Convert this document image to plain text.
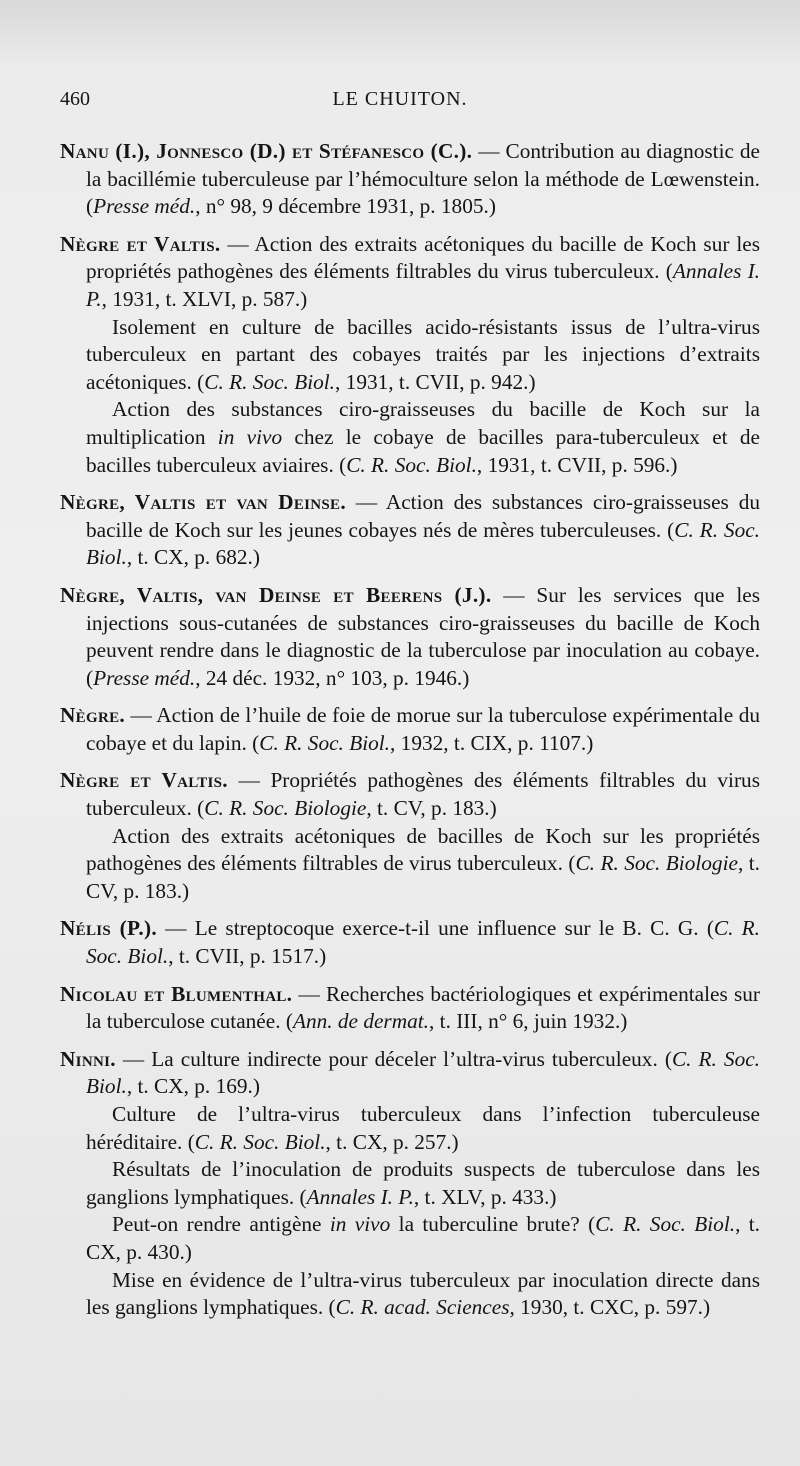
460	LE CHUITON.

Nanu (I.), Jonnesco (D.) et Stéfanesco (C.). — Contribution au diagnostic de la bacillémie tuberculeuse par l’hémoculture selon la méthode de Lœwenstein. (Presse méd., n° 98, 9 décembre 1931, p. 1805.)

Nègre et Valtis. — Action des extraits acétoniques du bacille de Koch sur les propriétés pathogènes des éléments filtrables du virus tuberculeux. (Annales I. P., 1931, t. XLVI, p. 587.)

Isolement en culture de bacilles acido-résistants issus de l’ultra-virus tuberculeux en partant des cobayes traités par les injections d’extraits acétoniques. (C. R. Soc. Biol., 1931, t. CVII, p. 942.)

Action des substances ciro-graisseuses du bacille de Koch sur la multiplication in vivo chez le cobaye de bacilles para-tuberculeux et de bacilles tuberculeux aviaires. (C. R. Soc. Biol., 1931, t. CVII, p. 596.)

Nègre, Valtis et van Deinse. — Action des substances ciro-graisseuses du bacille de Koch sur les jeunes cobayes nés de mères tuberculeuses. (C. R. Soc. Biol., t. CX, p. 682.)

Nègre, Valtis, van Deinse et Beerens (J.). — Sur les services que les injections sous-cutanées de substances ciro-graisseuses du bacille de Koch peuvent rendre dans le diagnostic de la tuberculose par inoculation au cobaye. (Presse méd., 24 déc. 1932, n° 103, p. 1946.)

Nègre. — Action de l’huile de foie de morue sur la tuberculose expérimentale du cobaye et du lapin. (C. R. Soc. Biol., 1932, t. CIX, p. 1107.)

Nègre et Valtis. — Propriétés pathogènes des éléments filtrables du virus tuberculeux. (C. R. Soc. Biologie, t. CV, p. 183.)

Action des extraits acétoniques de bacilles de Koch sur les propriétés pathogènes des éléments filtrables de virus tuberculeux. (C. R. Soc. Biologie, t. CV, p. 183.)

Nélis (P.). — Le streptocoque exerce-t-il une influence sur le B. C. G. (C. R. Soc. Biol., t. CVII, p. 1517.)

Nicolau et Blumenthal. — Recherches bactériologiques et expérimentales sur la tuberculose cutanée. (Ann. de dermat., t. III, n° 6, juin 1932.)

Ninni. — La culture indirecte pour déceler l’ultra-virus tuberculeux. (C. R. Soc. Biol., t. CX, p. 169.)

Culture de l’ultra-virus tuberculeux dans l’infection tuberculeuse héréditaire. (C. R. Soc. Biol., t. CX, p. 257.)

Résultats de l’inoculation de produits suspects de tuberculose dans les ganglions lymphatiques. (Annales I. P., t. XLV, p. 433.)

Peut-on rendre antigène in vivo la tuberculine brute? (C. R. Soc. Biol., t. CX, p. 430.)

Mise en évidence de l’ultra-virus tuberculeux par inoculation directe dans les ganglions lymphatiques. (C. R. acad. Sciences, 1930, t. CXC, p. 597.)
